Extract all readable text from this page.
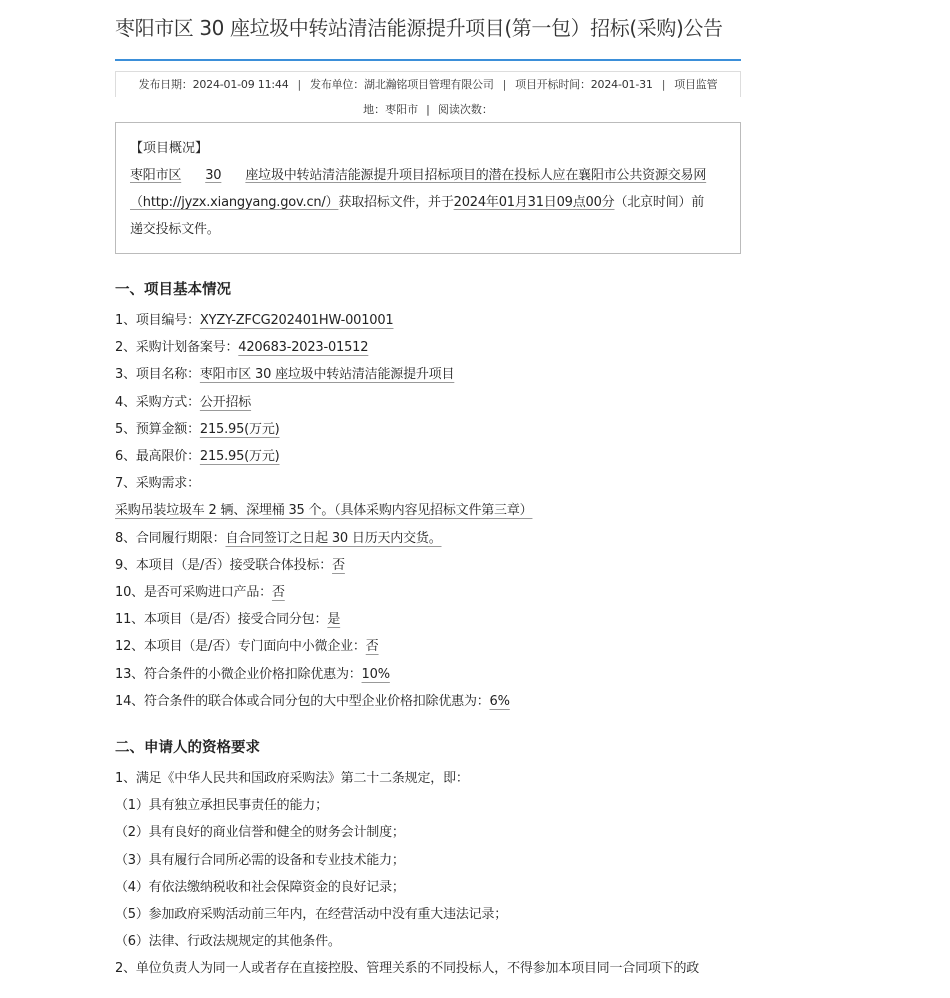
枣阳市区 30 座垃圾中转站清洁能源提升项目(第一包）招标(采购)公告
发布日期：2024-01-09 11:44 | 发布单位：湖北瀚铭项目管理有限公司 | 项目开标时间：2024-01-31 | 项目监管
地：枣阳市 | 阅读次数：
【项目概况】
枣阳市区 30 座垃圾中转站清洁能源提升项目招标项目的潜在投标人应在襄阳市公共资源交易网
（http://jyzx.xiangyang.gov.cn/）获取招标文件，并于2024年01月31日09点00分（北京时间）前
递交投标文件。
一、项目基本情况
1、项目编号：XYZY-ZFCG202401HW-001001
2、采购计划备案号：420683-2023-01512
3、项目名称：枣阳市区 30 座垃圾中转站清洁能源提升项目
4、采购方式：公开招标
5、预算金额：215.95(万元)
6、最高限价：215.95(万元)
7、采购需求：
采购吊装垃圾车 2 辆、深埋桶 35 个。（具体采购内容见招标文件第三章）
8、合同履行期限：自合同签订之日起 30 日历天内交货。
9、本项目（是/否）接受联合体投标：否
10、是否可采购进口产品：否
11、本项目（是/否）接受合同分包：是
12、本项目（是/否）专门面向中小微企业：否
13、符合条件的小微企业价格扣除优惠为：10%
14、符合条件的联合体或合同分包的大中型企业价格扣除优惠为：6%
二、申请人的资格要求
1、满足《中华人民共和国政府采购法》第二十二条规定，即：
（1）具有独立承担民事责任的能力；
（2）具有良好的商业信誉和健全的财务会计制度；
（3）具有履行合同所必需的设备和专业技术能力；
（4）有依法缴纳税收和社会保障资金的良好记录；
（5）参加政府采购活动前三年内，在经营活动中没有重大违法记录；
（6）法律、行政法规规定的其他条件。
2、单位负责人为同一人或者存在直接控股、管理关系的不同投标人，不得参加本项目同一合同项下的政
